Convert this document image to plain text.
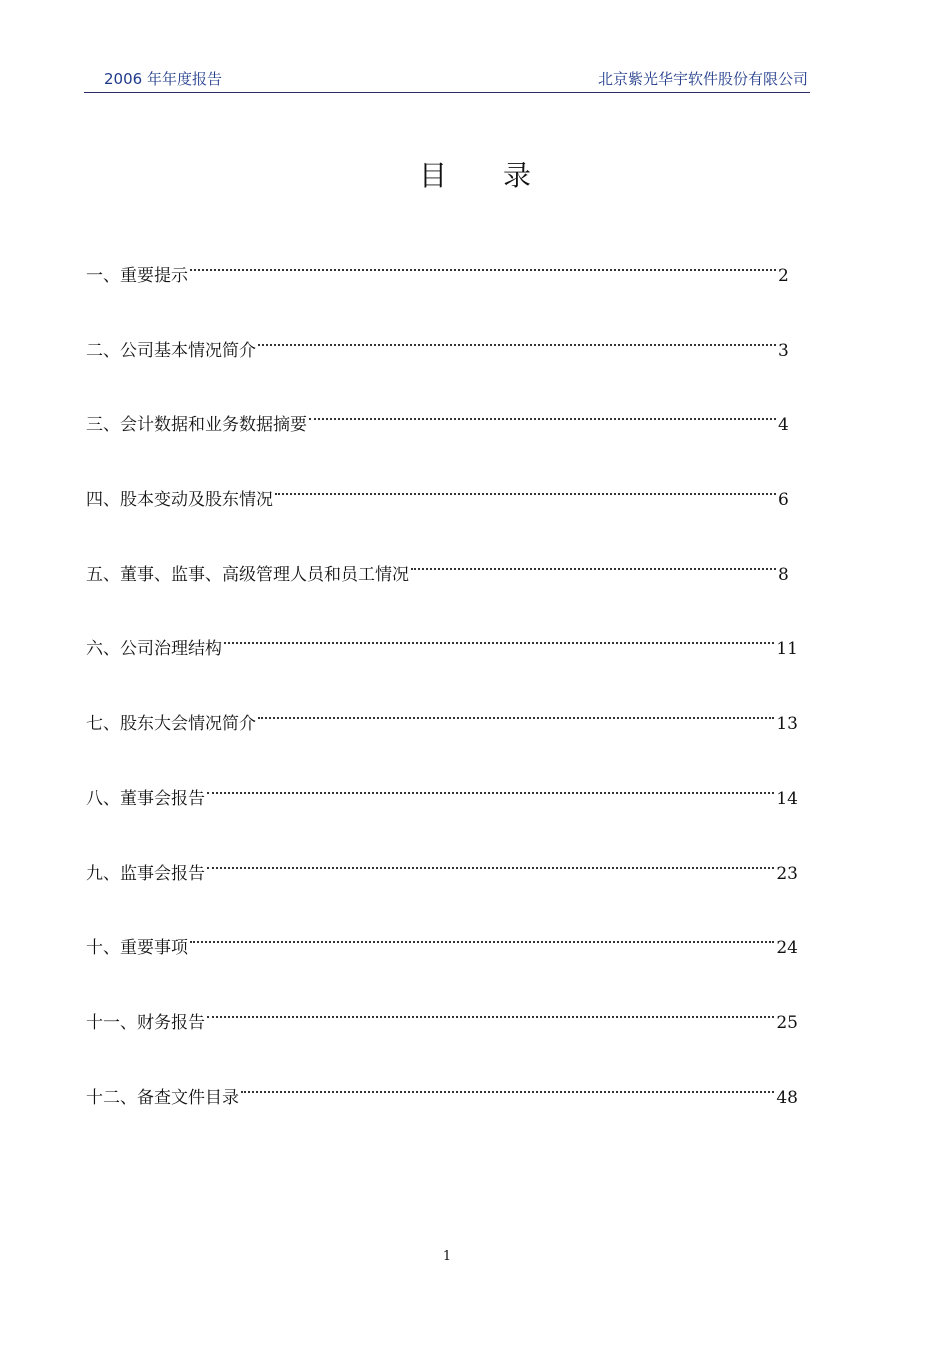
2006 年年度报告	北京紫光华宇软件股份有限公司
目录
一、重要提示	2
二、公司基本情况简介	3
三、会计数据和业务数据摘要	4
四、股本变动及股东情况	6
五、董事、监事、高级管理人员和员工情况	8
六、公司治理结构	11
七、股东大会情况简介	13
八、董事会报告	14
九、监事会报告	23
十、重要事项	24
十一、财务报告	25
十二、备查文件目录	48
1
